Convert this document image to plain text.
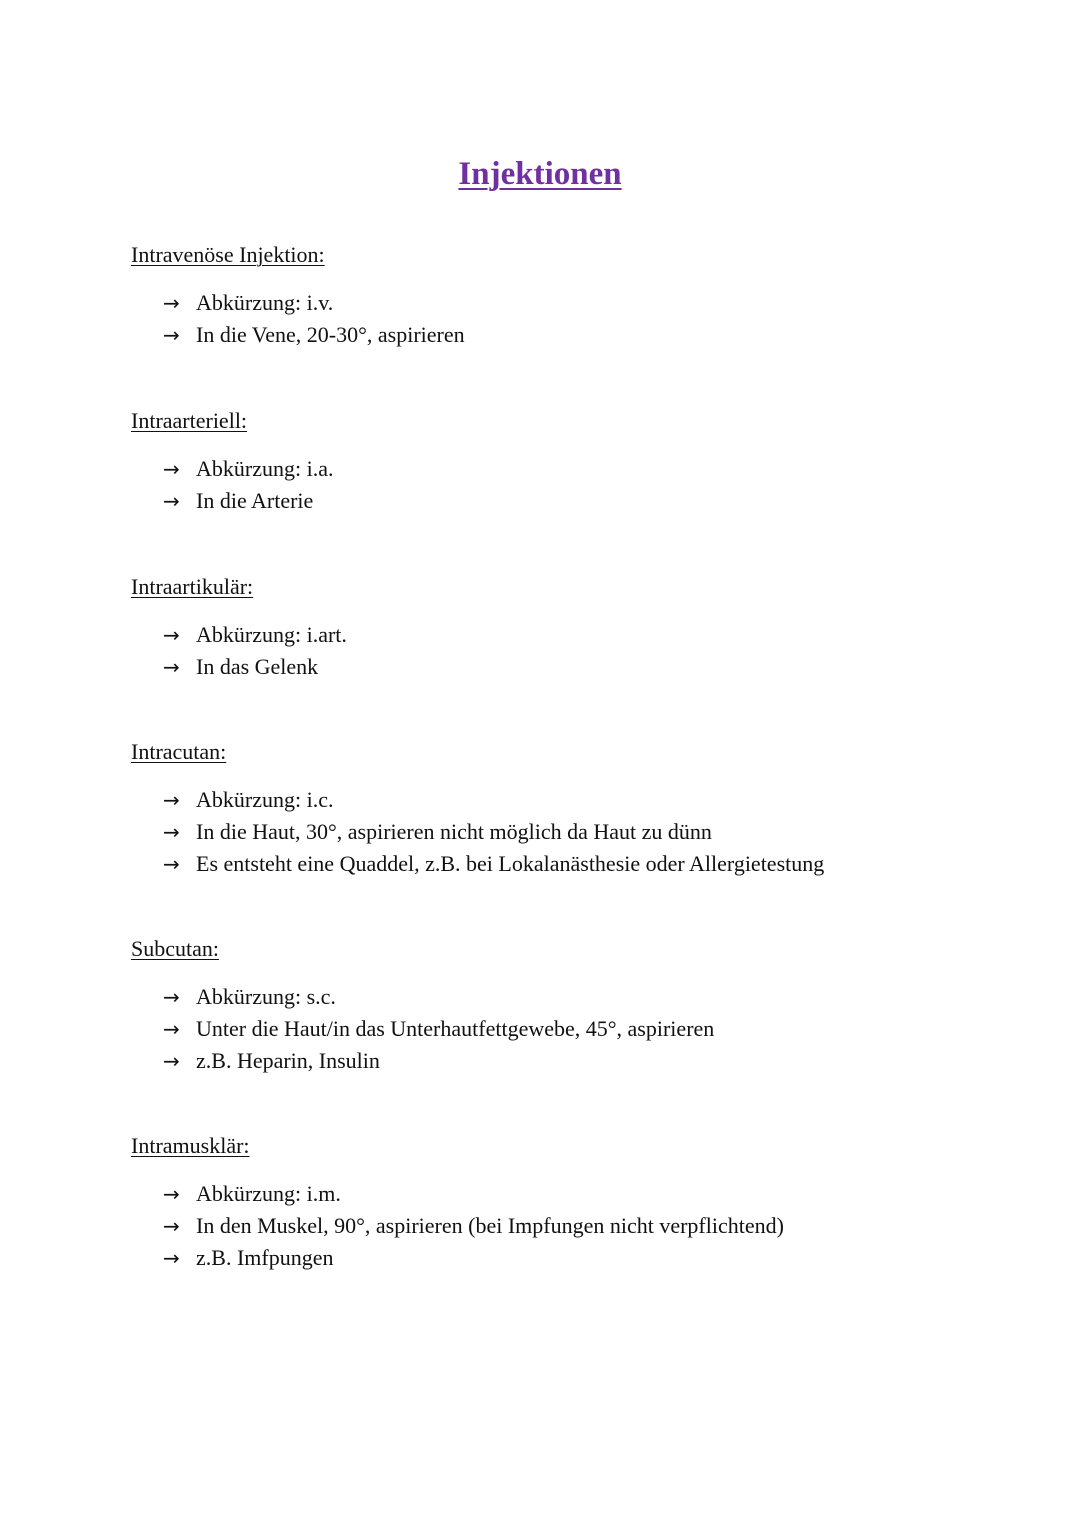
Injektionen
Intravenöse Injektion:
→ Abkürzung: i.v.
→ In die Vene, 20-30°, aspirieren
Intraarteriell:
→ Abkürzung: i.a.
→ In die Arterie
Intraartikulär:
→ Abkürzung: i.art.
→ In das Gelenk
Intracutan:
→ Abkürzung: i.c.
→ In die Haut, 30°, aspirieren nicht möglich da Haut zu dünn
→ Es entsteht eine Quaddel, z.B. bei Lokalanästhesie oder Allergietestung
Subcutan:
→ Abkürzung: s.c.
→ Unter die Haut/in das Unterhautfettgewebe, 45°, aspirieren
→ z.B. Heparin, Insulin
Intramusklär:
→ Abkürzung: i.m.
→ In den Muskel, 90°, aspirieren (bei Impfungen nicht verpflichtend)
→ z.B. Imfpungen
